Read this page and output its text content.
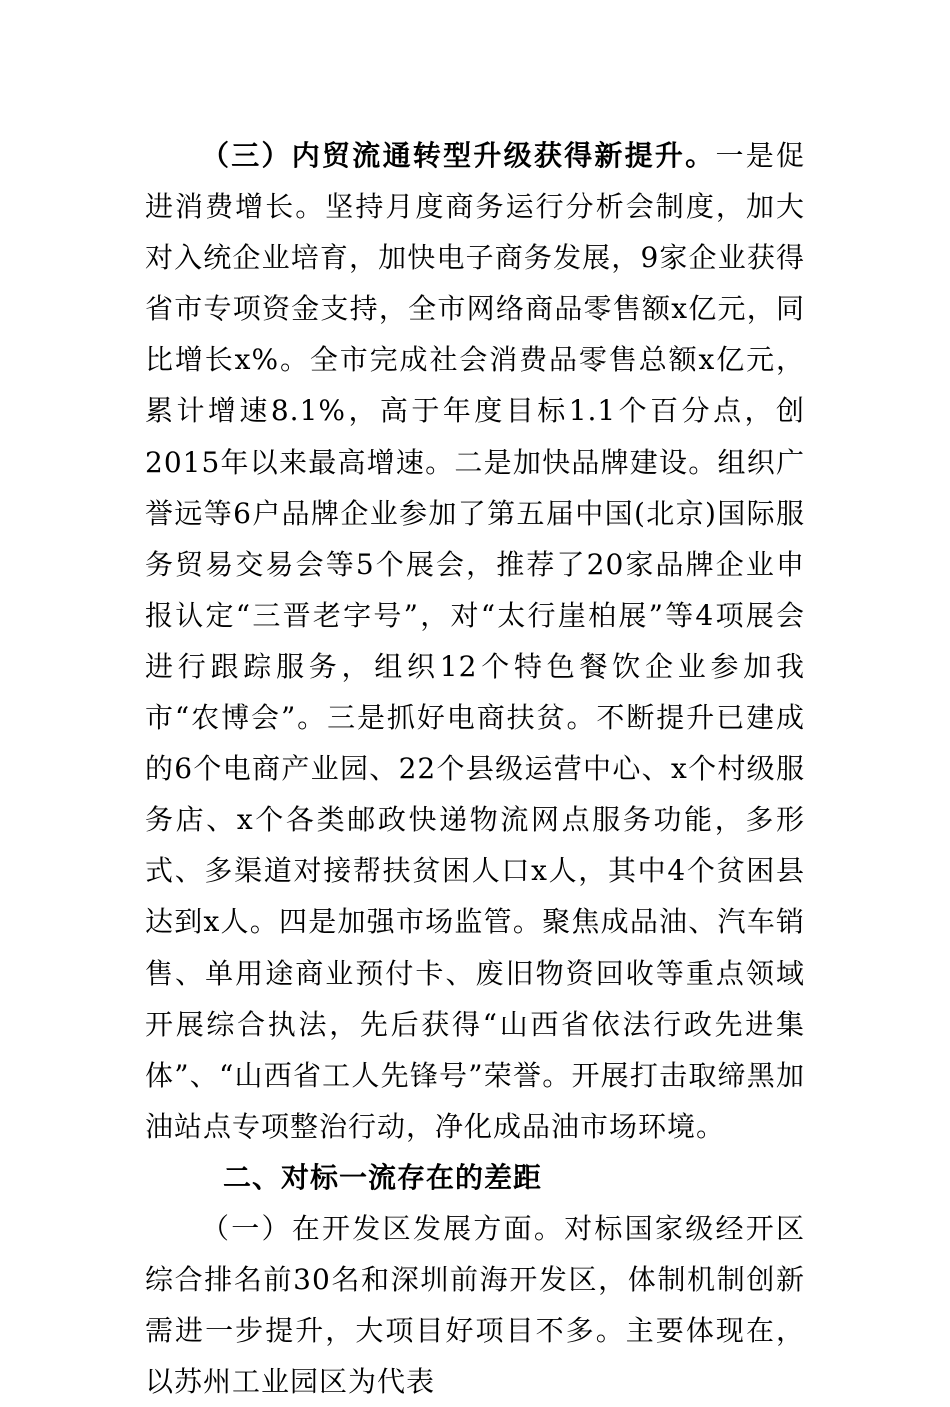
（三）内贸流通转型升级获得新提升。一是促进消费增长。坚持月度商务运行分析会制度，加大对入统企业培育，加快电子商务发展，9家企业获得省市专项资金支持，全市网络商品零售额x亿元，同比增长x%。全市完成社会消费品零售总额x亿元，累计增速8.1%，高于年度目标1.1个百分点，创2015年以来最高增速。二是加快品牌建设。组织广誉远等6户品牌企业参加了第五届中国(北京)国际服务贸易交易会等5个展会，推荐了20家品牌企业申报认定“三晋老字号”，对“太行崖柏展”等4项展会进行跟踪服务，组织12个特色餐饮企业参加我市“农博会”。三是抓好电商扶贫。不断提升已建成的6个电商产业园、22个县级运营中心、x个村级服务店、x个各类邮政快递物流网点服务功能，多形式、多渠道对接帮扶贫困人口x人，其中4个贫困县达到x人。四是加强市场监管。聚焦成品油、汽车销售、单用途商业预付卡、废旧物资回收等重点领域开展综合执法，先后获得“山西省依法行政先进集体”、“山西省工人先锋号”荣誉。开展打击取缔黑加油站点专项整治行动，净化成品油市场环境。

二、对标一流存在的差距

（一）在开发区发展方面。对标国家级经开区综合排名前30名和深圳前海开发区，体制机制创新需进一步提升，大项目好项目不多。主要体现在，以苏州工业园区为代表
